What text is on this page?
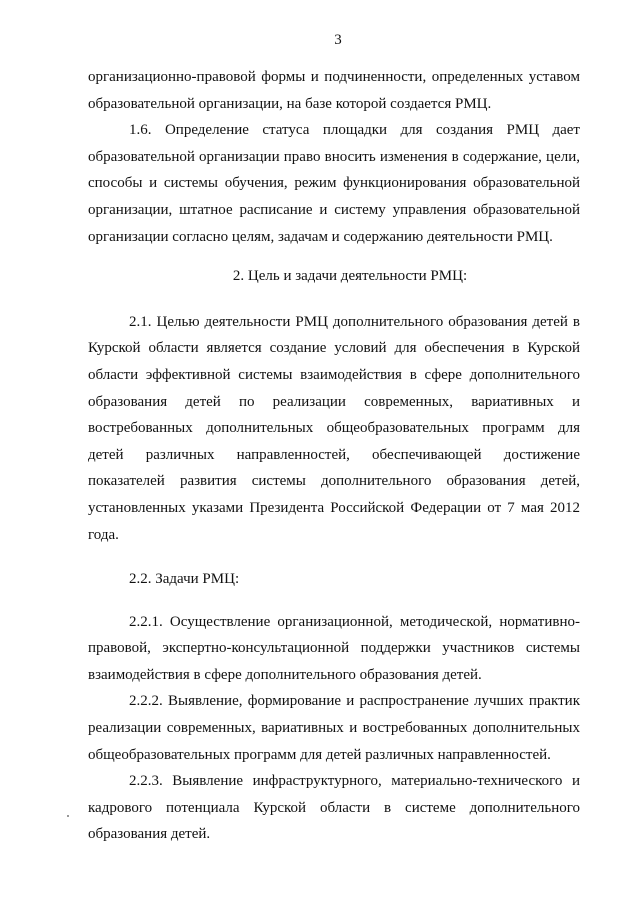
3

организационно-правовой формы и подчиненности, определенных уставом образовательной организации, на базе которой создается РМЦ.

1.6. Определение статуса площадки для создания РМЦ дает образовательной организации право вносить изменения в содержание, цели, способы и системы обучения, режим функционирования образовательной организации, штатное расписание и систему управления образовательной организации согласно целям, задачам и содержанию деятельности РМЦ.

2. Цель и задачи деятельности РМЦ:

2.1. Целью деятельности РМЦ дополнительного образования детей в Курской области является создание условий для обеспечения в Курской области эффективной системы взаимодействия в сфере дополнительного образования детей по реализации современных, вариативных и востребованных дополнительных общеобразовательных программ для детей различных направленностей, обеспечивающей достижение показателей развития системы дополнительного образования детей, установленных указами Президента Российской Федерации от 7 мая 2012 года.

2.2. Задачи РМЦ:

2.2.1. Осуществление организационной, методической, нормативно-правовой, экспертно-консультационной поддержки участников системы взаимодействия в сфере дополнительного образования детей.

2.2.2. Выявление, формирование и распространение лучших практик реализации современных, вариативных и востребованных дополнительных общеобразовательных программ для детей различных направленностей.

2.2.3. Выявление инфраструктурного, материально-технического и кадрового потенциала Курской области в системе дополнительного образования детей.
